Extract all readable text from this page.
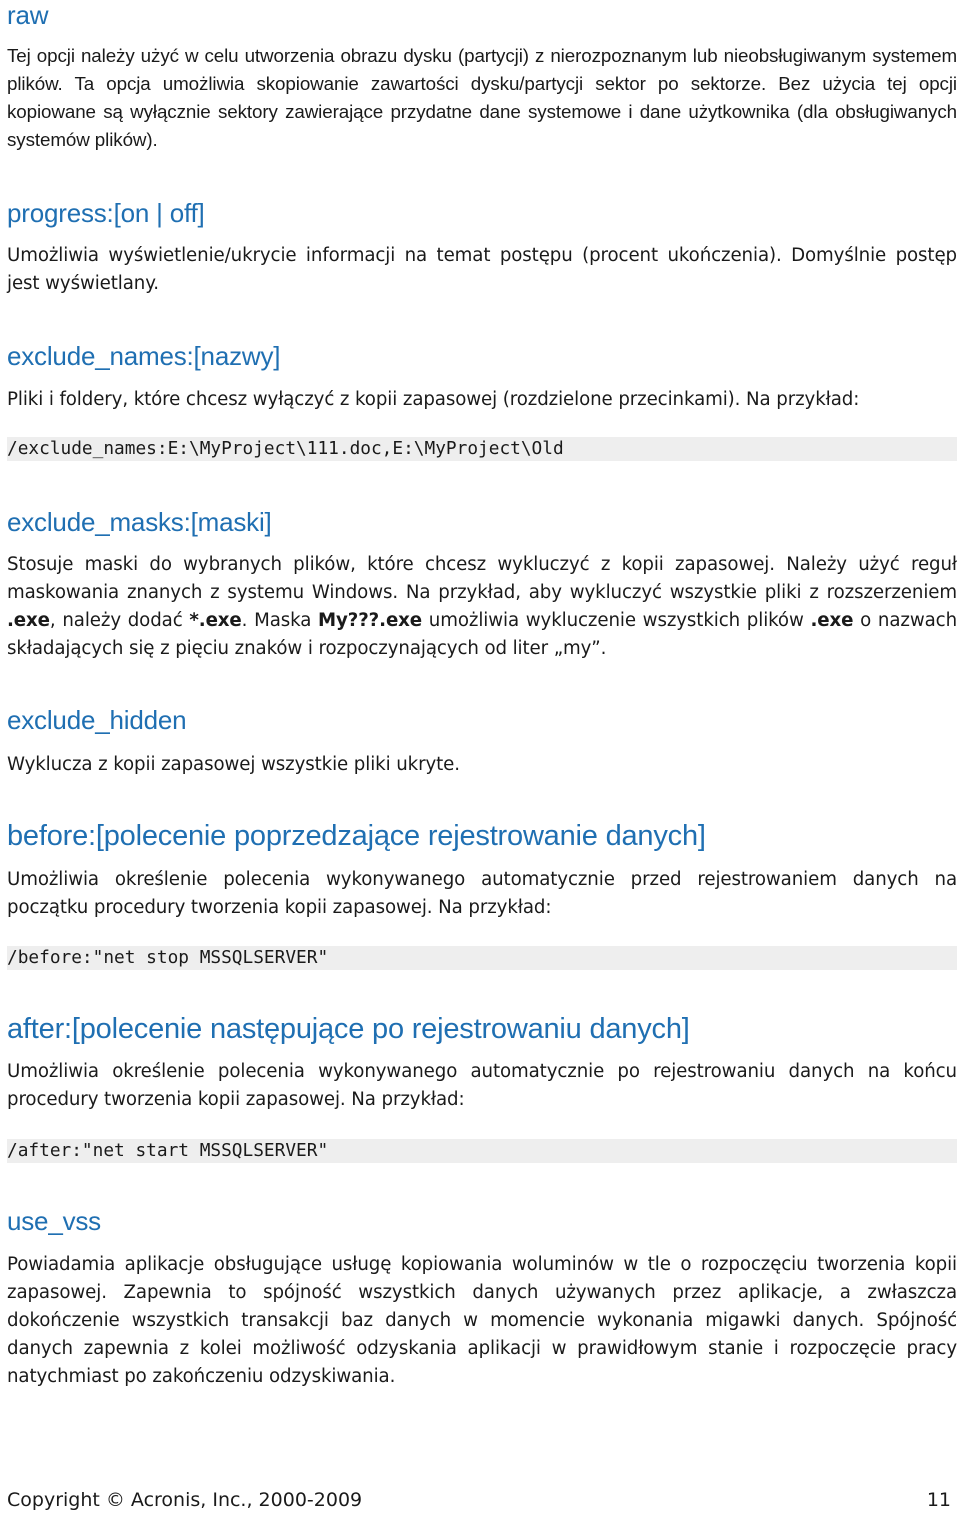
raw

Tej opcji należy użyć w celu utworzenia obrazu dysku (partycji) z nierozpoznanym lub nieobsługiwanym systemem plików. Ta opcja umożliwia skopiowanie zawartości dysku/partycji sektor po sektorze. Bez użycia tej opcji kopiowane są wyłącznie sektory zawierające przydatne dane systemowe i dane użytkownika (dla obsługiwanych systemów plików).

progress:[on | off]

Umożliwia wyświetlenie/ukrycie informacji na temat postępu (procent ukończenia). Domyślnie postęp jest wyświetlany.

exclude_names:[nazwy]

Pliki i foldery, które chcesz wyłączyć z kopii zapasowej (rozdzielone przecinkami). Na przykład:

/exclude_names:E:\MyProject\111.doc,E:\MyProject\Old
exclude_masks:[maski]

Stosuje maski do wybranych plików, które chcesz wykluczyć z kopii zapasowej. Należy użyć reguł maskowania znanych z systemu Windows. Na przykład, aby wykluczyć wszystkie pliki z rozszerzeniem .exe, należy dodać *.exe. Maska My???.exe umożliwia wykluczenie wszystkich plików .exe o nazwach składających się z pięciu znaków i rozpoczynających od liter „my”.

exclude_hidden

Wyklucza z kopii zapasowej wszystkie pliki ukryte.

before:[polecenie poprzedzające rejestrowanie danych]

Umożliwia określenie polecenia wykonywanego automatycznie przed rejestrowaniem danych na początku procedury tworzenia kopii zapasowej. Na przykład:

/before:"net stop MSSQLSERVER"
after:[polecenie następujące po rejestrowaniu danych]

Umożliwia określenie polecenia wykonywanego automatycznie po rejestrowaniu danych na końcu procedury tworzenia kopii zapasowej. Na przykład:

/after:"net start MSSQLSERVER"
use_vss

Powiadamia aplikacje obsługujące usługę kopiowania woluminów w tle o rozpoczęciu tworzenia kopii zapasowej. Zapewnia to spójność wszystkich danych używanych przez aplikacje, a zwłaszcza dokończenie wszystkich transakcji baz danych w momencie wykonania migawki danych. Spójność danych zapewnia z kolei możliwość odzyskania aplikacji w prawidłowym stanie i rozpoczęcie pracy natychmiast po zakończeniu odzyskiwania.

Copyright © Acronis, Inc., 2000-2009	11
